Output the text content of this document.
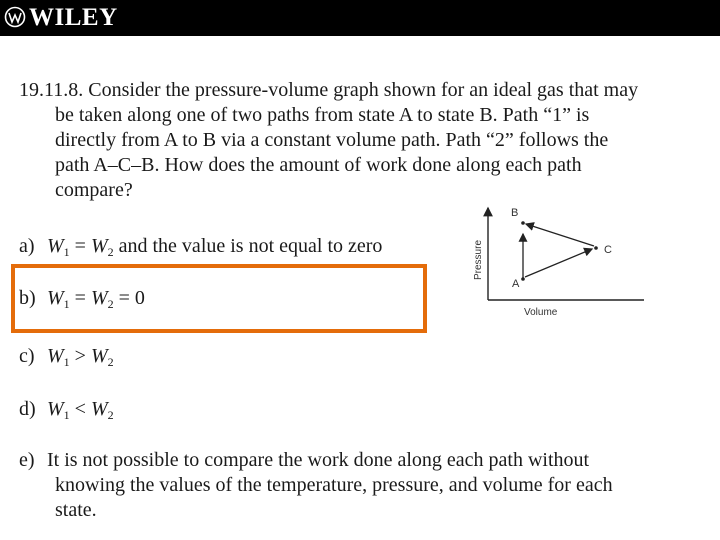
WILEY
19.11.8. Consider the pressure-volume graph shown for an ideal gas that may
be taken along one of two paths from state A to state B. Path “1” is
directly from A to B via a constant volume path. Path “2” follows the
path A–C–B. How does the amount of work done along each path
compare?
a) $W_1 = W_2$ and the value is not equal to zero
b) $W_1 = W_2 = 0$
c) $W_1 > W_2$
d) $W_1 < W_2$
e) It is not possible to compare the work done along each path without
knowing the values of the temperature, pressure, and volume for each
state.
Pressure
Volume
A
B
C
